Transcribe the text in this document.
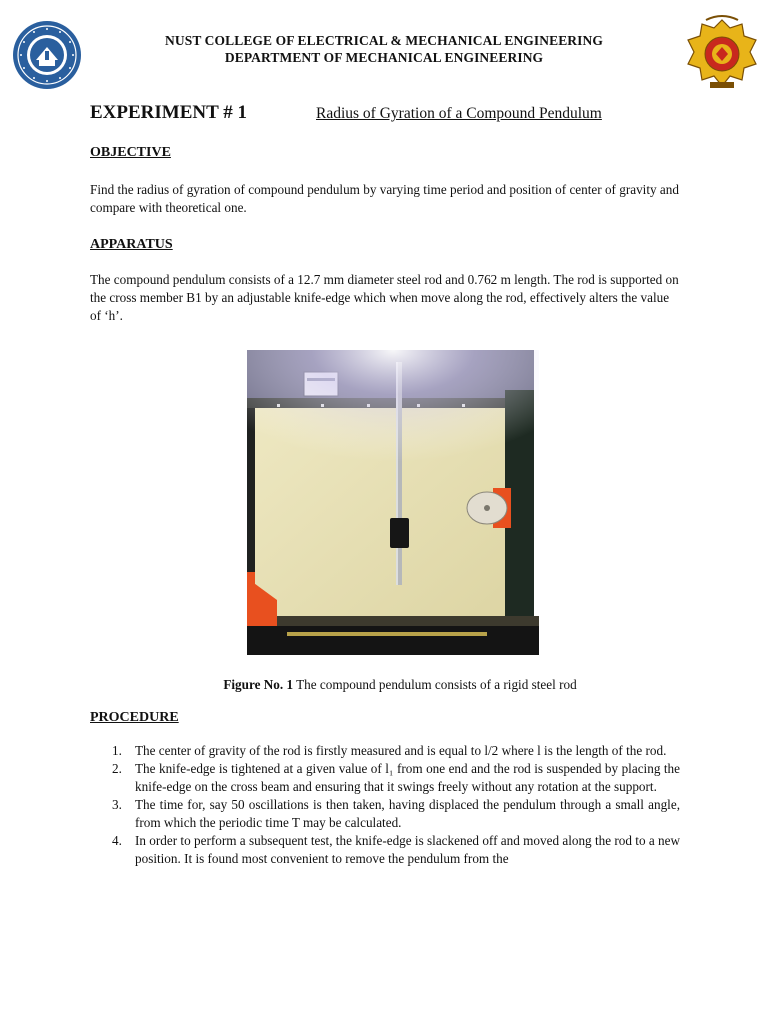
NUST COLLEGE OF ELECTRICAL & MECHANICAL ENGINEERING
DEPARTMENT OF MECHANICAL ENGINEERING
EXPERIMENT # 1	Radius of Gyration of a Compound Pendulum
OBJECTIVE
Find the radius of gyration of compound pendulum by varying time period and position of center of gravity and compare with theoretical one.
APPARATUS
The compound pendulum consists of a 12.7 mm diameter steel rod and 0.762 m length. The rod is supported on the cross member B1 by an adjustable knife-edge which when move along the rod, effectively alters the value of ‘h’.
Figure No. 1 The compound pendulum consists of a rigid steel rod
PROCEDURE
1. The center of gravity of the rod is firstly measured and is equal to l/2 where l is the length of the rod.
2. The knife-edge is tightened at a given value of l₁ from one end and the rod is suspended by placing the knife-edge on the cross beam and ensuring that it swings freely without any rotation at the support.
3. The time for, say 50 oscillations is then taken, having displaced the pendulum through a small angle, from which the periodic time T may be calculated.
4. In order to perform a subsequent test, the knife-edge is slackened off and moved along the rod to a new position. It is found most convenient to remove the pendulum from the
